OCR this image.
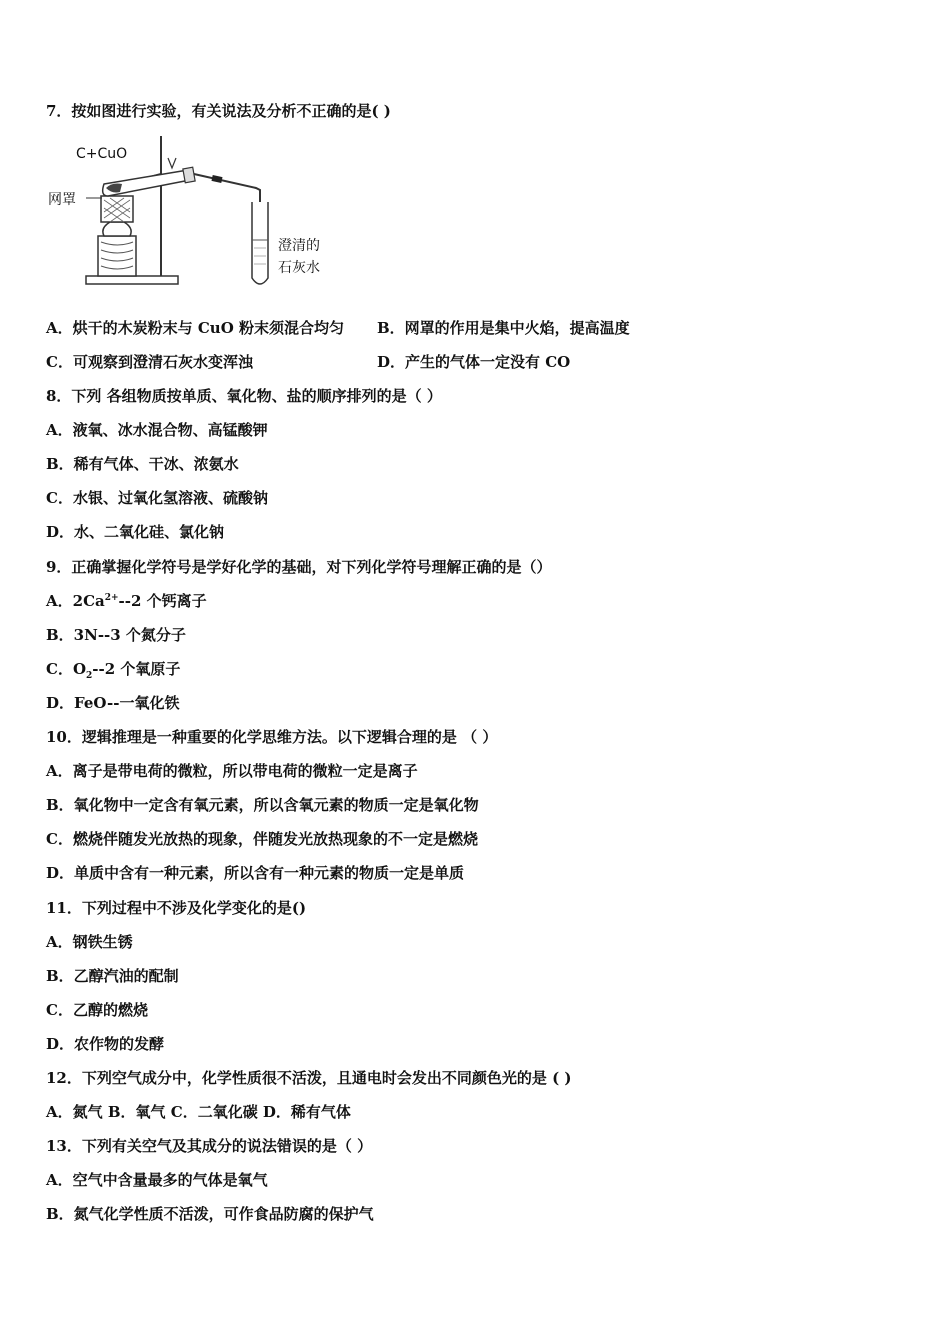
7．按如图进行实验，有关说法及分析不正确的是( )
C+CuO
网罩
澄清的
石灰水
A．烘干的木炭粉末与 CuO 粉末须混合均匀 B．网罩的作用是集中火焰，提高温度
C．可观察到澄清石灰水变浑浊	D．产生的气体一定没有 CO
8．下列 各组物质按单质、氧化物、盐的顺序排列的是（ ）
A．液氧、冰水混合物、高锰酸钾
B．稀有气体、干冰、浓氨水
C．水银、过氧化氢溶液、硫酸钠
D．水、二氧化硅、氯化钠
9．正确掌握化学符号是学好化学的基础，对下列化学符号理解正确的是（）
A．$2Ca^{2+}--2$ 个钙离子
B．3N--3 个氮分子
C．$O_2--2$ 个氧原子
D．FeO--一氧化铁
10．逻辑推理是一种重要的化学思维方法。以下逻辑合理的是 （ ）
A．离子是带电荷的微粒，所以带电荷的微粒一定是离子
B．氧化物中一定含有氧元素，所以含氧元素的物质一定是氧化物
C．燃烧伴随发光放热的现象，伴随发光放热现象的不一定是燃烧
D．单质中含有一种元素，所以含有一种元素的物质一定是单质
11．下列过程中不涉及化学变化的是()
A．钢铁生锈
B．乙醇汽油的配制
C．乙醇的燃烧
D．农作物的发酵
12．下列空气成分中，化学性质很不活泼，且通电时会发出不同颜色光的是 ( )
A．氮气 B．氧气 C．二氧化碳 D．稀有气体
13．下列有关空气及其成分的说法错误的是（ ）
A．空气中含量最多的气体是氧气
B．氮气化学性质不活泼，可作食品防腐的保护气
